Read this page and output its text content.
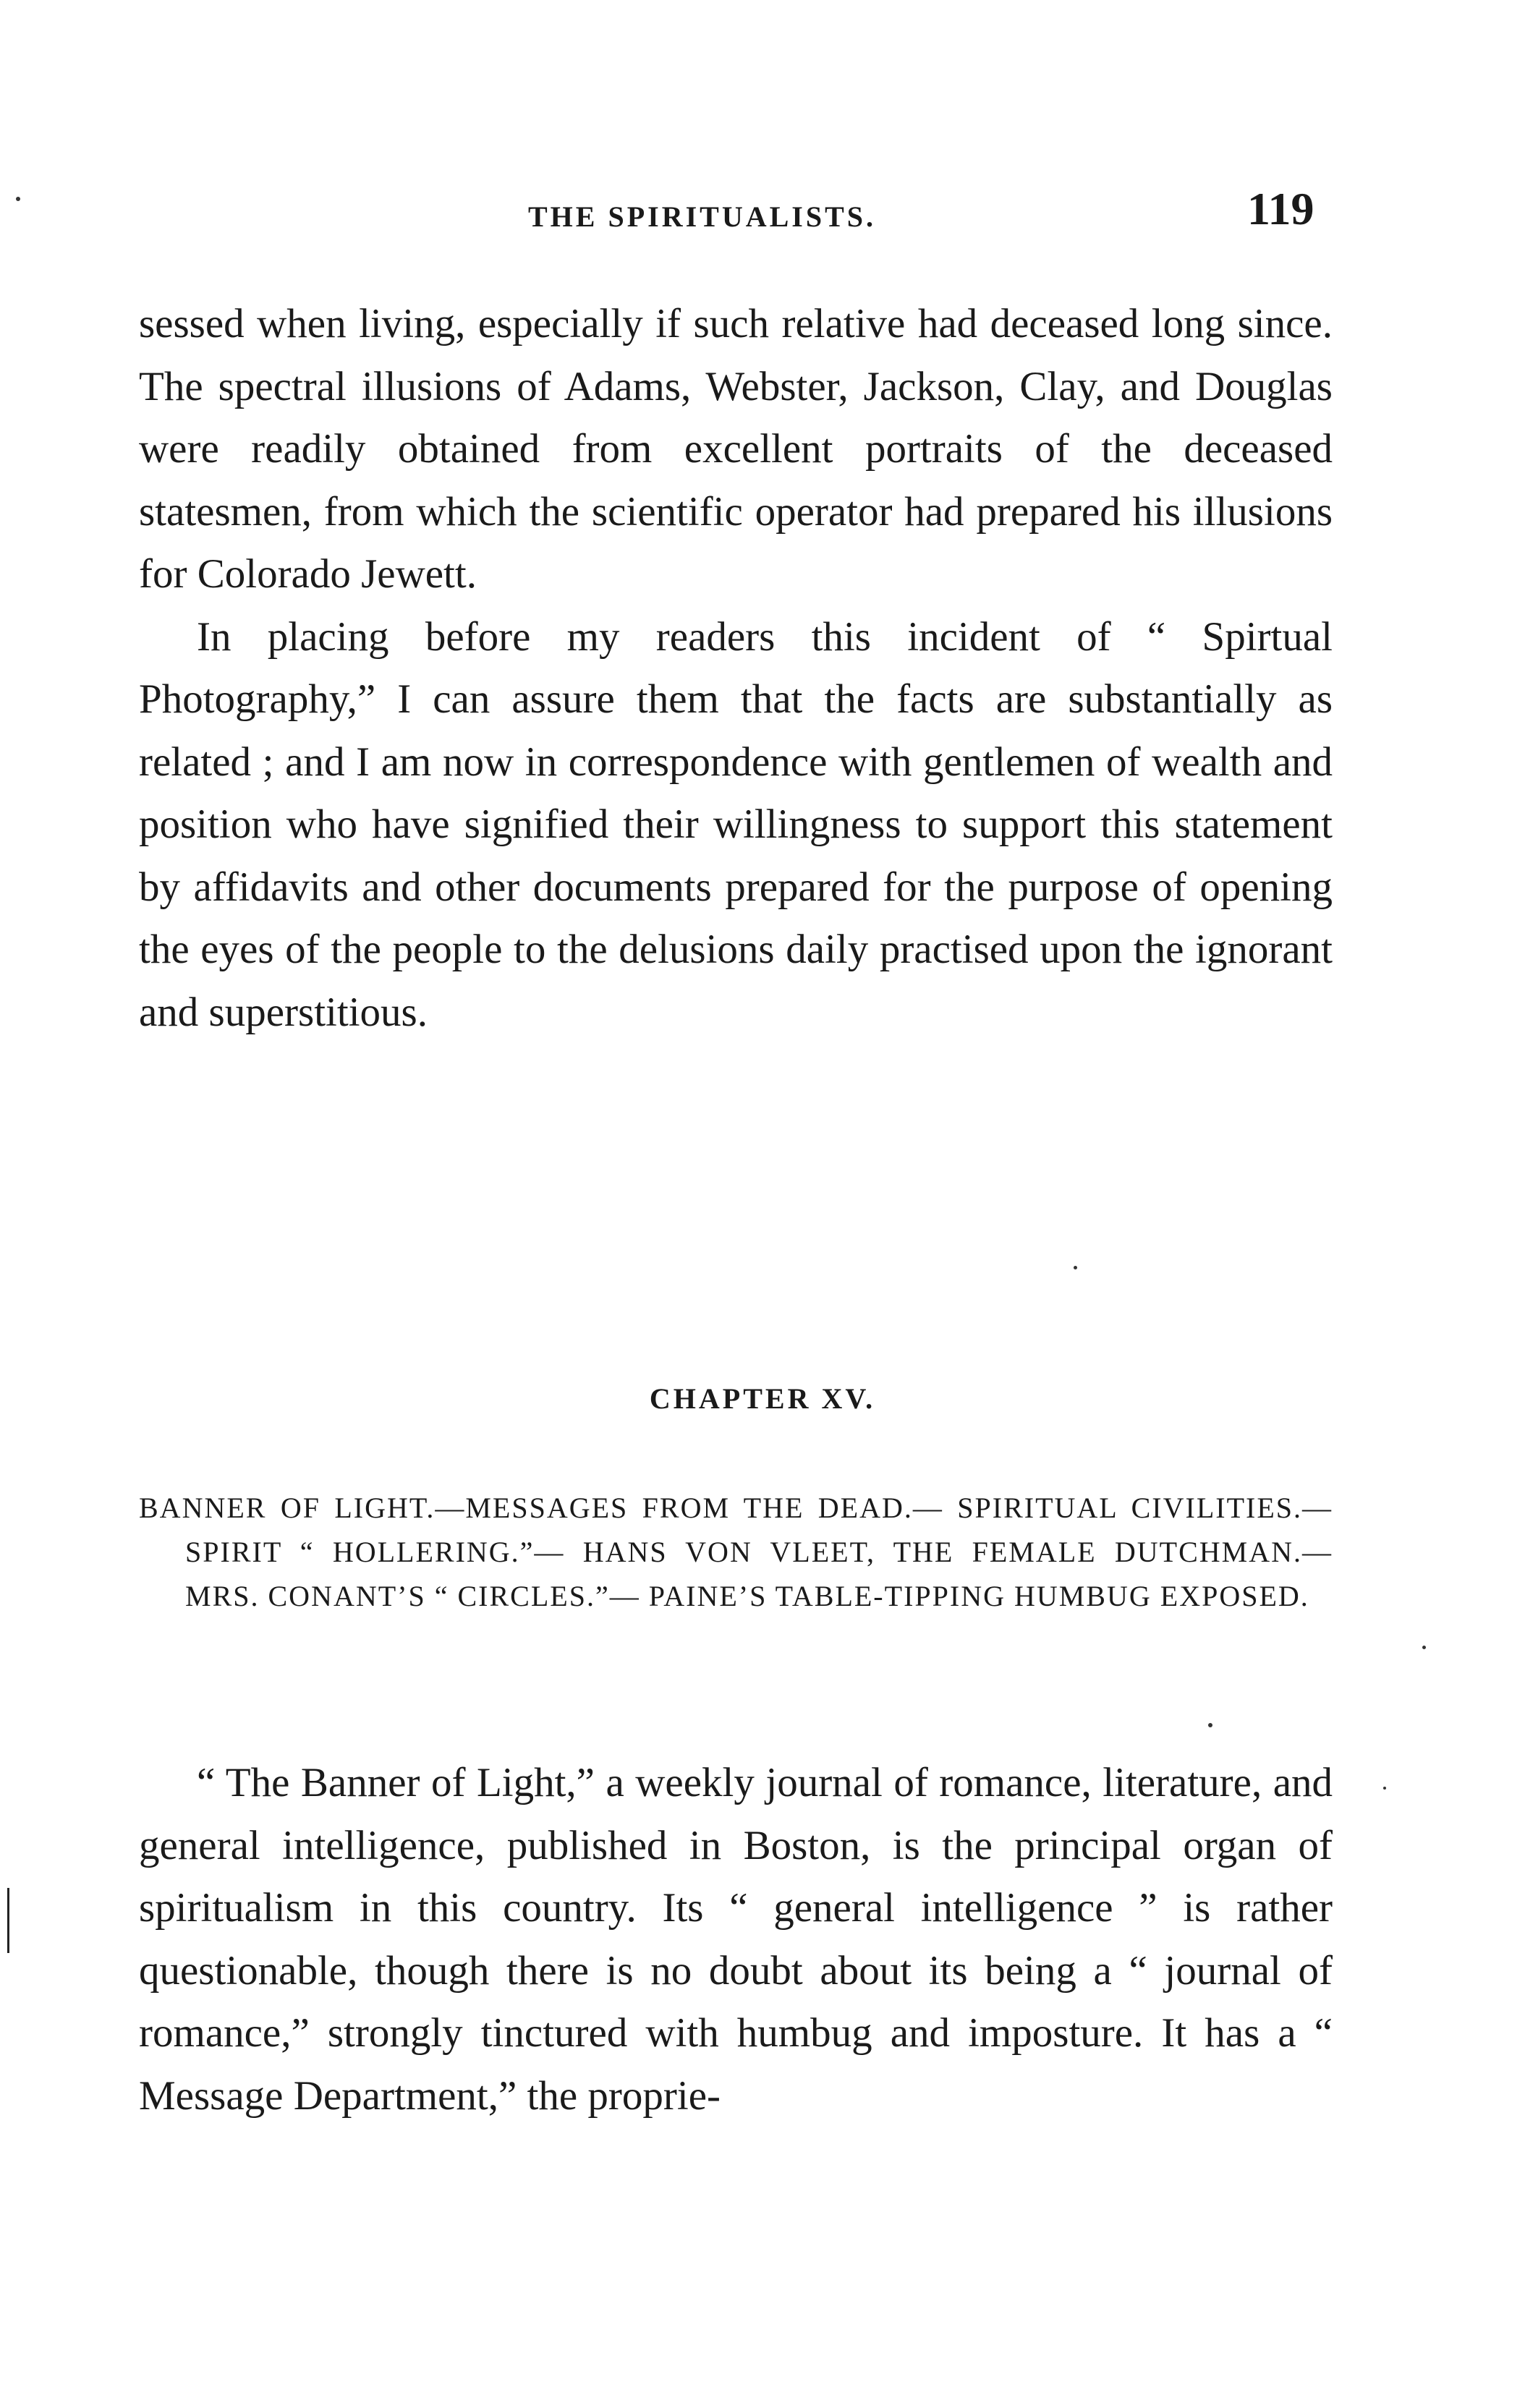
THE SPIRITUALISTS.	119

sessed when living, especially if such relative had deceased long since. The spectral illusions of Adams, Webster, Jackson, Clay, and Douglas were readily obtained from excellent portraits of the deceased statesmen, from which the scientific operator had prepared his illusions for Colorado Jewett.

In placing before my readers this incident of “ Spirtual Photography,” I can assure them that the facts are substantially as related ; and I am now in correspondence with gentlemen of wealth and position who have signified their willingness to support this statement by affidavits and other documents prepared for the purpose of opening the eyes of the people to the delusions daily practised upon the ignorant and superstitious.

CHAPTER XV.
BANNER OF LIGHT.—MESSAGES FROM THE DEAD.— SPIRITUAL CIVILITIES.— SPIRIT “ HOLLERING.”— HANS VON VLEET, THE FEMALE DUTCHMAN.— MRS. CONANT’S “ CIRCLES.”— PAINE’S TABLE-TIPPING HUMBUG EXPOSED.

“ The Banner of Light,” a weekly journal of romance, literature, and general intelligence, published in Boston, is the principal organ of spiritualism in this country. Its “ general intelligence ” is rather questionable, though there is no doubt about its being a “ journal of romance,” strongly tinctured with humbug and imposture. It has a “ Message Department,” the proprie-
